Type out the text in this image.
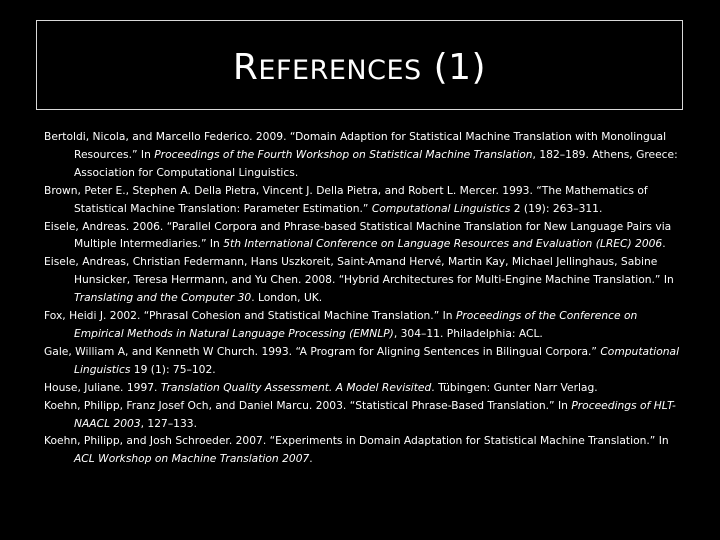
REFERENCES (1)

Bertoldi, Nicola, and Marcello Federico. 2009. “Domain Adaption for Statistical Machine Translation with Monolingual Resources.” In Proceedings of the Fourth Workshop on Statistical Machine Translation, 182–189. Athens, Greece: Association for Computational Linguistics.

Brown, Peter E., Stephen A. Della Pietra, Vincent J. Della Pietra, and Robert L. Mercer. 1993. “The Mathematics of Statistical Machine Translation: Parameter Estimation.” Computational Linguistics 2 (19): 263–311.

Eisele, Andreas. 2006. “Parallel Corpora and Phrase-based Statistical Machine Translation for New Language Pairs via Multiple Intermediaries.” In 5th International Conference on Language Resources and Evaluation (LREC) 2006.

Eisele, Andreas, Christian Federmann, Hans Uszkoreit, Saint-Amand Hervé, Martin Kay, Michael Jellinghaus, Sabine Hunsicker, Teresa Herrmann, and Yu Chen. 2008. “Hybrid Architectures for Multi-Engine Machine Translation.” In Translating and the Computer 30. London, UK.

Fox, Heidi J. 2002. “Phrasal Cohesion and Statistical Machine Translation.” In Proceedings of the Conference on Empirical Methods in Natural Language Processing (EMNLP), 304–11. Philadelphia: ACL.

Gale, William A, and Kenneth W Church. 1993. “A Program for Aligning Sentences in Bilingual Corpora.” Computational Linguistics 19 (1): 75–102.

House, Juliane. 1997. Translation Quality Assessment. A Model Revisited. Tübingen: Gunter Narr Verlag.

Koehn, Philipp, Franz Josef Och, and Daniel Marcu. 2003. “Statistical Phrase-Based Translation.” In Proceedings of HLT-NAACL 2003, 127–133.

Koehn, Philipp, and Josh Schroeder. 2007. “Experiments in Domain Adaptation for Statistical Machine Translation.” In ACL Workshop on Machine Translation 2007.
